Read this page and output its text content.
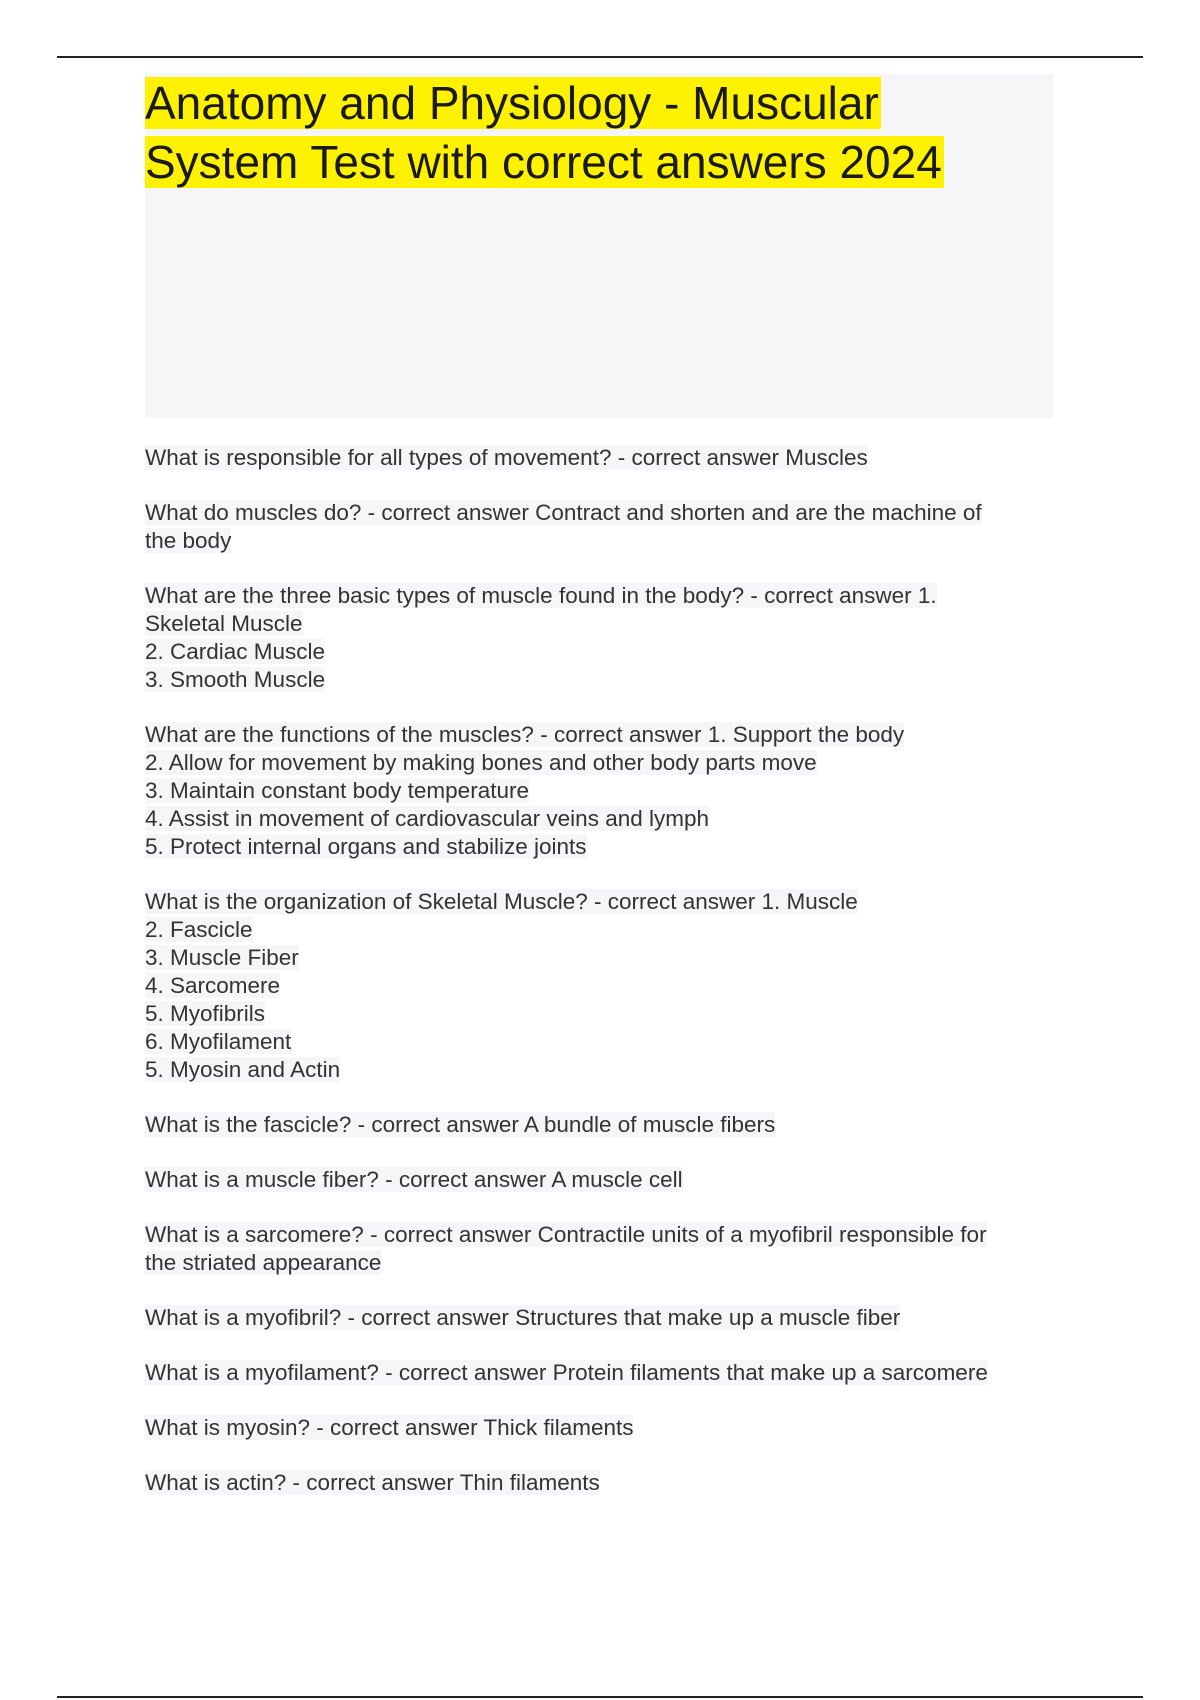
Anatomy and Physiology - Muscular
System Test with correct answers 2024

What is responsible for all types of movement? - correct answer Muscles

What do muscles do? - correct answer Contract and shorten and are the machine of
the body

What are the three basic types of muscle found in the body? - correct answer 1.
Skeletal Muscle
2. Cardiac Muscle
3. Smooth Muscle

What are the functions of the muscles? - correct answer 1. Support the body
2. Allow for movement by making bones and other body parts move
3. Maintain constant body temperature
4. Assist in movement of cardiovascular veins and lymph
5. Protect internal organs and stabilize joints

What is the organization of Skeletal Muscle? - correct answer 1. Muscle
2. Fascicle
3. Muscle Fiber
4. Sarcomere
5. Myofibrils
6. Myofilament
5. Myosin and Actin

What is the fascicle? - correct answer A bundle of muscle fibers

What is a muscle fiber? - correct answer A muscle cell

What is a sarcomere? - correct answer Contractile units of a myofibril responsible for
the striated appearance

What is a myofibril? - correct answer Structures that make up a muscle fiber

What is a myofilament? - correct answer Protein filaments that make up a sarcomere

What is myosin? - correct answer Thick filaments

What is actin? - correct answer Thin filaments
